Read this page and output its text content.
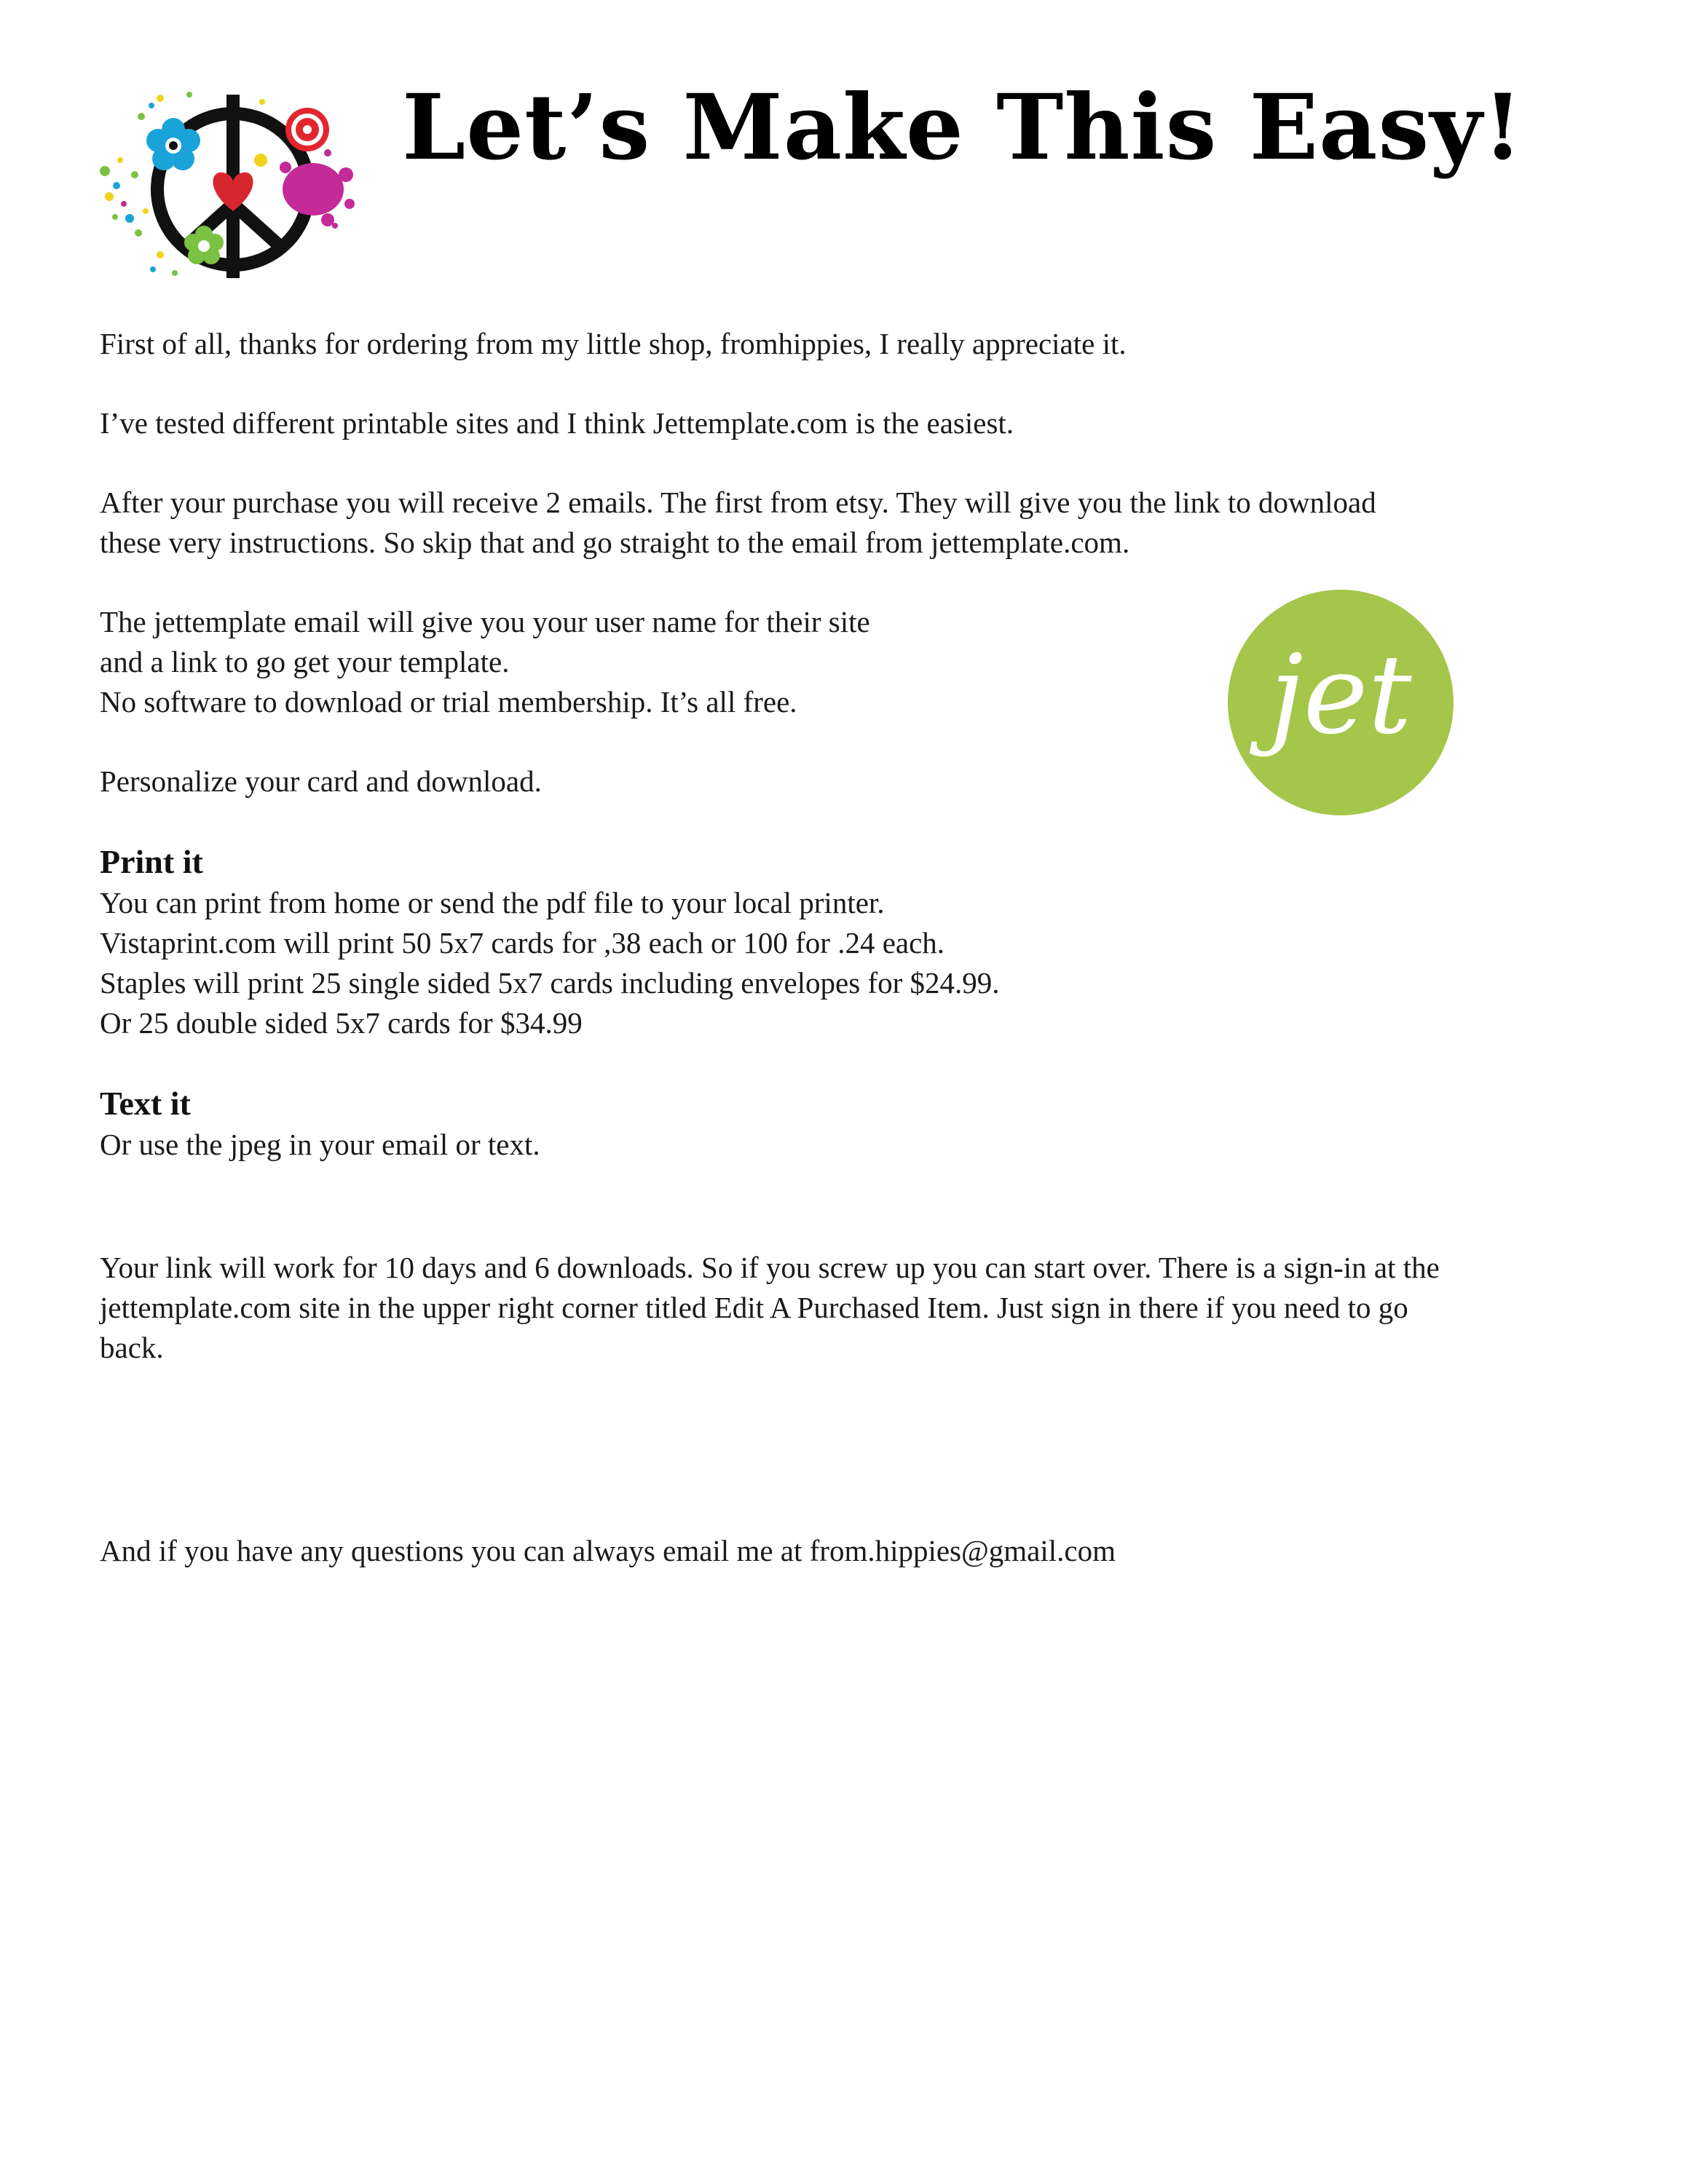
Let’s Make This Easy!
jet

First of all, thanks for ordering from my little shop, fromhippies, I really appreciate it.

I’ve tested different printable sites and I think Jettemplate.com is the easiest.

After your purchase you will receive 2 emails. The first from etsy. They will give you the link to download
these very instructions. So skip that and go straight to the email from jettemplate.com.

The jettemplate email will give you your user name for their site
and a link to go get your template.
No software to download or trial membership. It’s all free.

Personalize your card and download.

Print it

You can print from home or send the pdf file to your local printer.
Vistaprint.com will print 50 5x7 cards for ,38 each or 100 for .24 each.
Staples will print 25 single sided 5x7 cards including envelopes for $24.99.
Or 25 double sided 5x7 cards for $34.99

Text it

Or use the jpeg in your email or text.

Your link will work for 10 days and 6 downloads. So if you screw up you can start over. There is a sign-in at the
jettemplate.com site in the upper right corner titled Edit A Purchased Item. Just sign in there if you need to go
back.

And if you have any questions you can always email me at from.hippies@gmail.com
